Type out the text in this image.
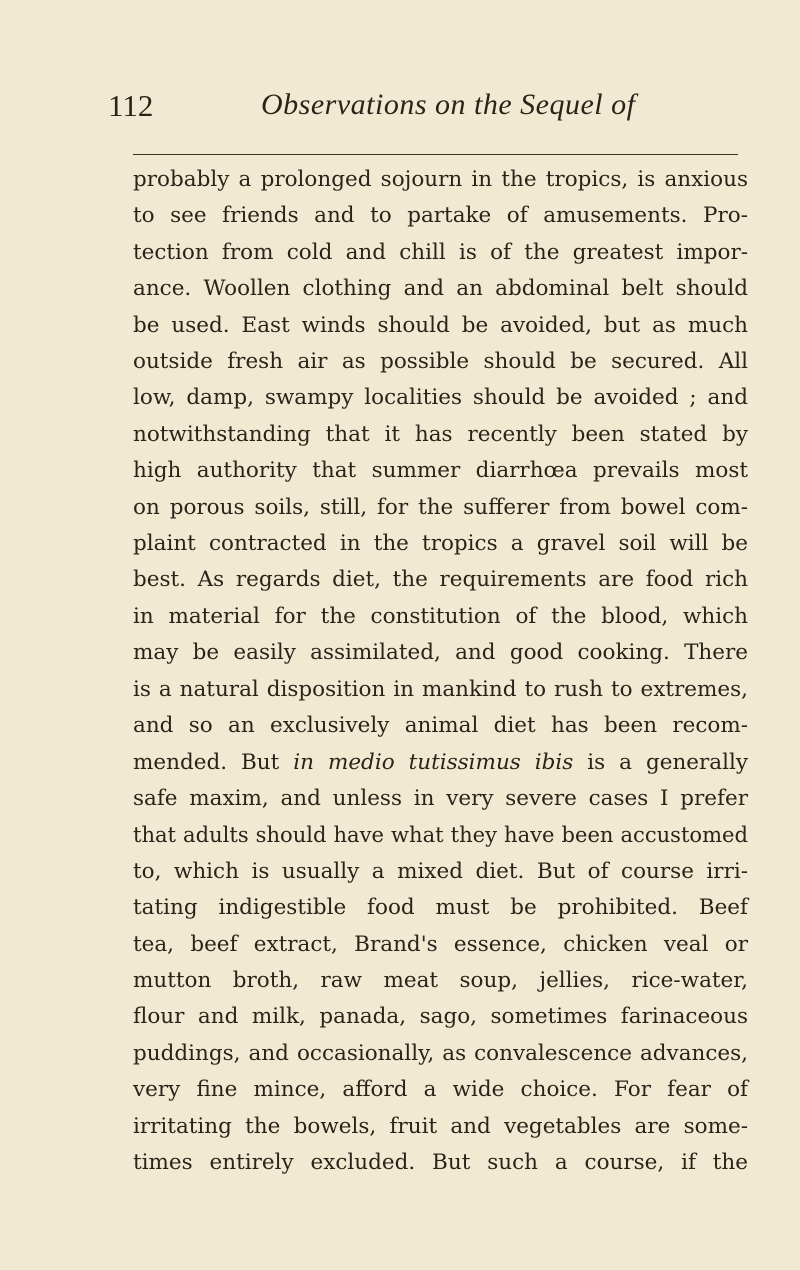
112	Observations on the Sequel of
probably a prolonged sojourn in the tropics, is anxious
to see friends and to partake of amusements. Pro-
tection from cold and chill is of the greatest impor-
ance. Woollen clothing and an abdominal belt should
be used. East winds should be avoided, but as much
outside fresh air as possible should be secured. All
low, damp, swampy localities should be avoided ; and
notwithstanding that it has recently been stated by
high authority that summer diarrhœa prevails most
on porous soils, still, for the sufferer from bowel com-
plaint contracted in the tropics a gravel soil will be
best. As regards diet, the requirements are food rich
in material for the constitution of the blood, which
may be easily assimilated, and good cooking. There
is a natural disposition in mankind to rush to extremes,
and so an exclusively animal diet has been recom-
mended. But in medio tutissimus ibis is a generally
safe maxim, and unless in very severe cases I prefer
that adults should have what they have been accustomed
to, which is usually a mixed diet. But of course irri-
tating indigestible food must be prohibited. Beef
tea, beef extract, Brand's essence, chicken veal or
mutton broth, raw meat soup, jellies, rice-water,
flour and milk, panada, sago, sometimes farinaceous
puddings, and occasionally, as convalescence advances,
very fine mince, afford a wide choice. For fear of
irritating the bowels, fruit and vegetables are some-
times entirely excluded. But such a course, if the
